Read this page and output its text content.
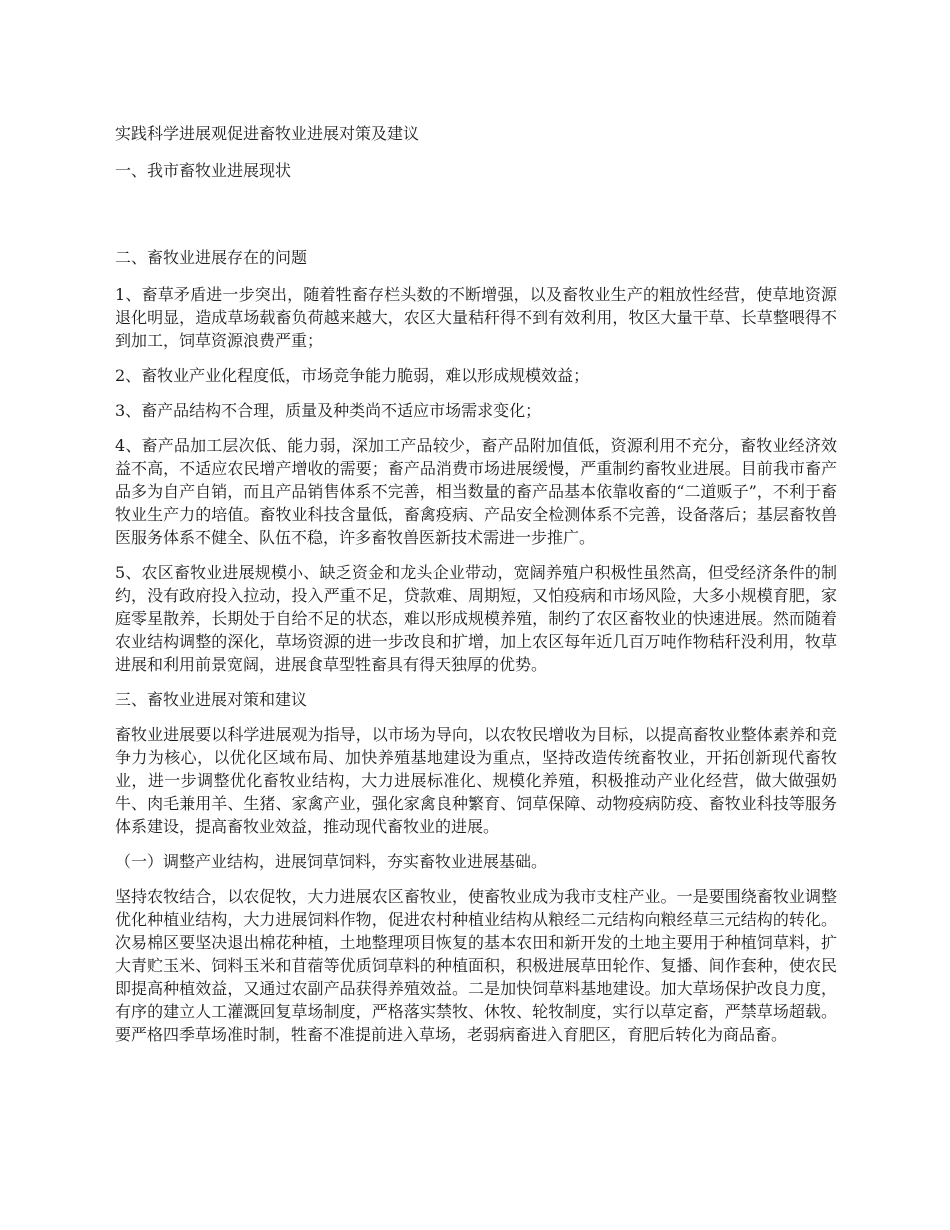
实践科学进展观促进畜牧业进展对策及建议

一、我市畜牧业进展现状

二、畜牧业进展存在的问题

1、畜草矛盾进一步突出，随着牲畜存栏头数的不断增强，以及畜牧业生产的粗放性经营，使草地资源退化明显，造成草场载畜负荷越来越大，农区大量秸秆得不到有效利用，牧区大量干草、长草整喂得不到加工，饲草资源浪费严重；

2、畜牧业产业化程度低，市场竞争能力脆弱，难以形成规模效益；

3、畜产品结构不合理，质量及种类尚不适应市场需求变化；

4、畜产品加工层次低、能力弱，深加工产品较少，畜产品附加值低，资源利用不充分，畜牧业经济效益不高，不适应农民增产增收的需要；畜产品消费市场进展缓慢，严重制约畜牧业进展。目前我市畜产品多为自产自销，而且产品销售体系不完善，相当数量的畜产品基本依靠收畜的“二道贩子”，不利于畜牧业生产力的培值。畜牧业科技含量低，畜禽疫病、产品安全检测体系不完善，设备落后；基层畜牧兽医服务体系不健全、队伍不稳，许多畜牧兽医新技术需进一步推广。

5、农区畜牧业进展规模小、缺乏资金和龙头企业带动，宽阔养殖户积极性虽然高，但受经济条件的制约，没有政府投入拉动，投入严重不足，贷款难、周期短，又怕疫病和市场风险，大多小规模育肥，家庭零星散养，长期处于自给不足的状态，难以形成规模养殖，制约了农区畜牧业的快速进展。然而随着农业结构调整的深化，草场资源的进一步改良和扩增，加上农区每年近几百万吨作物秸秆没利用，牧草进展和利用前景宽阔，进展食草型牲畜具有得天独厚的优势。

三、畜牧业进展对策和建议

畜牧业进展要以科学进展观为指导，以市场为导向，以农牧民增收为目标，以提高畜牧业整体素养和竞争力为核心，以优化区域布局、加快养殖基地建设为重点，坚持改造传统畜牧业，开拓创新现代畜牧业，进一步调整优化畜牧业结构，大力进展标准化、规模化养殖，积极推动产业化经营，做大做强奶牛、肉毛兼用羊、生猪、家禽产业，强化家禽良种繁育、饲草保障、动物疫病防疫、畜牧业科技等服务体系建设，提高畜牧业效益，推动现代畜牧业的进展。

（一）调整产业结构，进展饲草饲料，夯实畜牧业进展基础。

坚持农牧结合，以农促牧，大力进展农区畜牧业，使畜牧业成为我市支柱产业。一是要围绕畜牧业调整优化种植业结构，大力进展饲料作物，促进农村种植业结构从粮经二元结构向粮经草三元结构的转化。次易棉区要坚决退出棉花种植，土地整理项目恢复的基本农田和新开发的土地主要用于种植饲草料，扩大青贮玉米、饲料玉米和苜蓿等优质饲草料的种植面积，积极进展草田轮作、复播、间作套种，使农民即提高种植效益，又通过农副产品获得养殖效益。二是加快饲草料基地建设。加大草场保护改良力度，有序的建立人工灌溉回复草场制度，严格落实禁牧、休牧、轮牧制度，实行以草定畜，严禁草场超载。要严格四季草场准时制，牲畜不准提前进入草场，老弱病畜进入育肥区，育肥后转化为商品畜。
